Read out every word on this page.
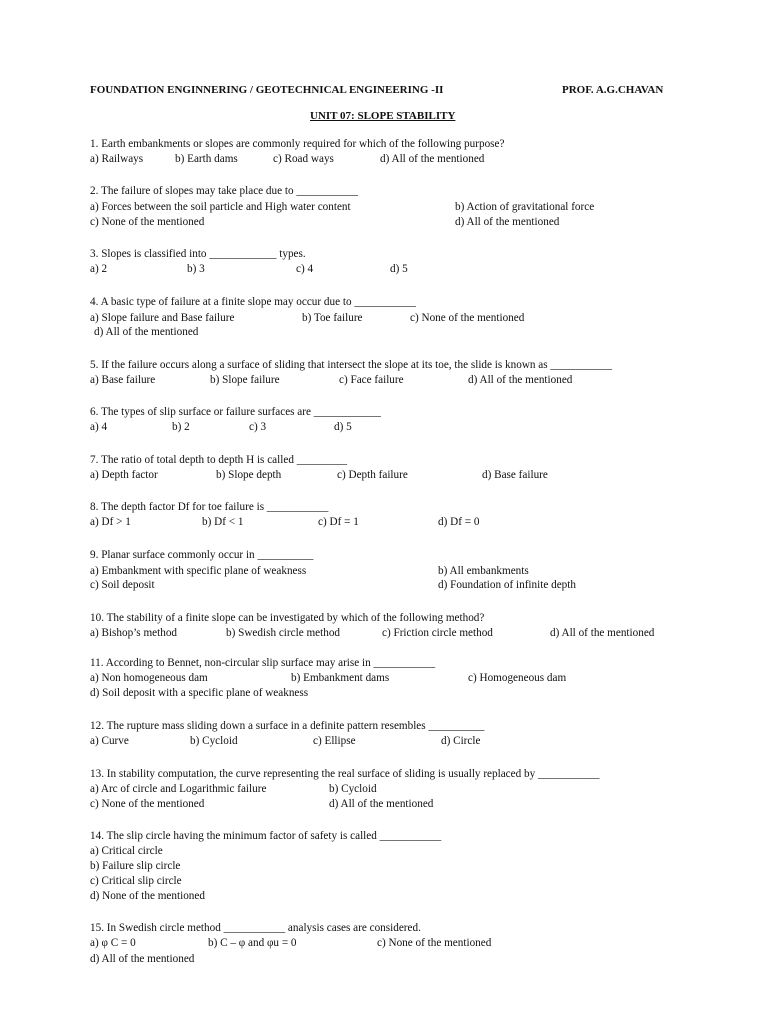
FOUNDATION ENGINNERING / GEOTECHNICAL ENGINEERING -II	PROF. A.G.CHAVAN
UNIT 07: SLOPE STABILITY
1. Earth embankments or slopes are commonly required for which of the following purpose?
a) Railways	b) Earth dams	c) Road ways	d) All of the mentioned
2. The failure of slopes may take place due to ___________
a) Forces between the soil particle and High water content	b) Action of gravitational force
c) None of the mentioned	d) All of the mentioned
3. Slopes is classified into ____________ types.
a) 2	b) 3	c) 4	d) 5
4. A basic type of failure at a finite slope may occur due to ___________
a) Slope failure and Base failure	b) Toe failure	c) None of the mentioned
d) All of the mentioned
5. If the failure occurs along a surface of sliding that intersect the slope at its toe, the slide is known as ___________
a) Base failure	b) Slope failure	c) Face failure	d) All of the mentioned
6. The types of slip surface or failure surfaces are ____________
a) 4	b) 2	c) 3	d) 5
7. The ratio of total depth to depth H is called _________
a) Depth factor	b) Slope depth	c) Depth failure	d) Base failure
8. The depth factor Df for toe failure is ___________
a) Df > 1	b) Df < 1	c) Df = 1	d) Df = 0
9. Planar surface commonly occur in __________
a) Embankment with specific plane of weakness	b) All embankments
c) Soil deposit	d) Foundation of infinite depth
10. The stability of a finite slope can be investigated by which of the following method?
a) Bishop’s method	b) Swedish circle method	c) Friction circle method	d) All of the mentioned
11. According to Bennet, non-circular slip surface may arise in ___________
a) Non homogeneous dam	b) Embankment dams	c) Homogeneous dam
d) Soil deposit with a specific plane of weakness
12. The rupture mass sliding down a surface in a definite pattern resembles __________
a) Curve	b) Cycloid	c) Ellipse	d) Circle
13. In stability computation, the curve representing the real surface of sliding is usually replaced by ___________
a) Arc of circle and Logarithmic failure	b) Cycloid
c) None of the mentioned	d) All of the mentioned
14. The slip circle having the minimum factor of safety is called ___________
a) Critical circle
b) Failure slip circle
c) Critical slip circle
d) None of the mentioned
15. In Swedish circle method ___________ analysis cases are considered.
a) φ C = 0	b) C – φ and φu = 0	c) None of the mentioned
d) All of the mentioned
